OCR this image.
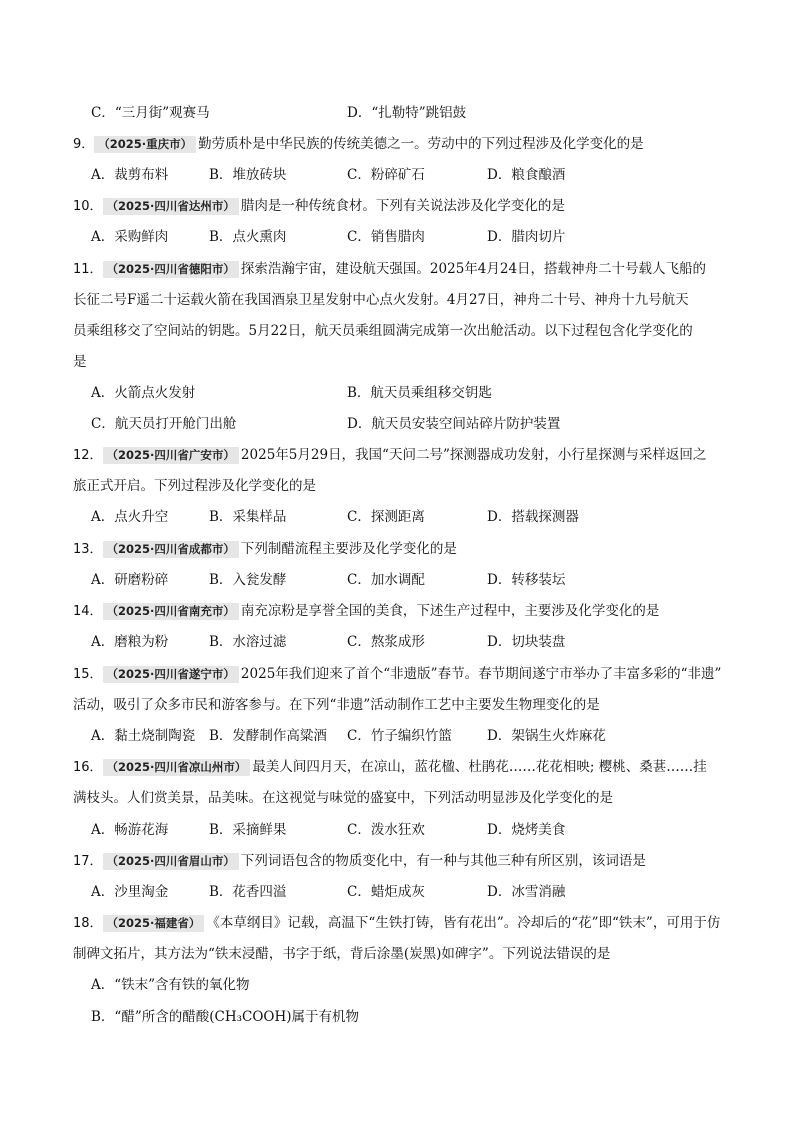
C．“三月街”观赛马	D．“扎勒特”跳铝鼓
9． （2025·重庆市） 勤劳质朴是中华民族的传统美德之一。劳动中的下列过程涉及化学变化的是
A．裁剪布料	B．堆放砖块	C．粉碎矿石	D．粮食酿酒
10． （2025·四川省达州市） 腊肉是一种传统食材。下列有关说法涉及化学变化的是
A．采购鲜肉	B．点火熏肉	C．销售腊肉	D．腊肉切片
11． （2025·四川省德阳市） 探索浩瀚宇宙，建设航天强国。2025年4月24日，搭载神舟二十号载人飞船的
长征二号F遥二十运载火箭在我国酒泉卫星发射中心点火发射。4月27日，神舟二十号、神舟十九号航天
员乘组移交了空间站的钥匙。5月22日，航天员乘组圆满完成第一次出舱活动。以下过程包含化学变化的
是
A．火箭点火发射	B．航天员乘组移交钥匙
C．航天员打开舱门出舱	D．航天员安装空间站碎片防护装置
12． （2025·四川省广安市） 2025年5月29日，我国“天问二号”探测器成功发射，小行星探测与采样返回之
旅正式开启。下列过程涉及化学变化的是
A．点火升空	B．采集样品	C．探测距离	D．搭载探测器
13． （2025·四川省成都市） 下列制醋流程主要涉及化学变化的是
A．研磨粉碎	B．入瓮发酵	C．加水调配	D．转移装坛
14． （2025·四川省南充市） 南充凉粉是享誉全国的美食，下述生产过程中，主要涉及化学变化的是
A．磨粮为粉	B．水溶过滤	C．熬浆成形	D．切块装盘
15． （2025·四川省遂宁市） 2025年我们迎来了首个“非遗版”春节。春节期间遂宁市举办了丰富多彩的“非遗”
活动，吸引了众多市民和游客参与。在下列“非遗”活动制作工艺中主要发生物理变化的是
A．黏土烧制陶瓷 B．发酵制作高粱酒 C．竹子编织竹篮	D．架锅生火炸麻花
16． （2025·四川省凉山州市） 最美人间四月天，在凉山，蓝花楹、杜鹃花……花花相映; 樱桃、桑葚……挂
满枝头。人们赏美景，品美味。在这视觉与味觉的盛宴中，下列活动明显涉及化学变化的是
A．畅游花海	B．采摘鲜果	C．泼水狂欢	D．烧烤美食
17． （2025·四川省眉山市） 下列词语包含的物质变化中，有一种与其他三种有所区别，该词语是
A．沙里淘金	B．花香四溢	C．蜡炬成灰	D．冰雪消融
18． （2025·福建省） 《本草纲目》记载，高温下“生铁打铸，皆有花出”。冷却后的“花”即“铁末”，可用于仿
制碑文拓片，其方法为“铁末浸醋，书字于纸，背后涂墨(炭黑)如碑字”。下列说法错误的是
A．“铁末”含有铁的氧化物
B．“醋”所含的醋酸(CH₃COOH)属于有机物
